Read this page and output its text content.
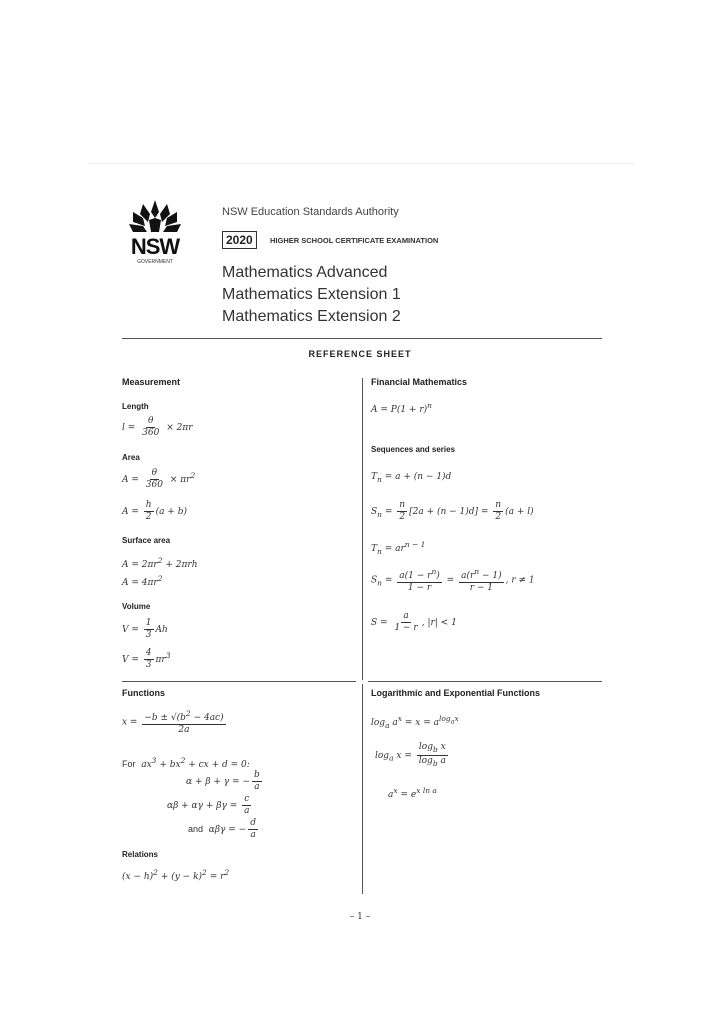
NSW
GOVERNMENT
NSW Education Standards Authority
2020	HIGHER SCHOOL CERTIFICATE EXAMINATION
Mathematics Advanced
Mathematics Extension 1
Mathematics Extension 2
REFERENCE SHEET
Measurement
Length
$l = \frac{\theta}{360} \times 2\pi r$
Area
$A = \frac{\theta}{360} \times \pi r^2$
$A = \frac{h}{2} (a + b)$
Surface area
$A = 2\pi r^2 + 2\pi rh$
$A = 4\pi r^2$
Volume
$V = \frac{1}{3}$ Ah
$V = \frac{4}{3} \pi r^3$
Financial Mathematics
$A = P(1 + r)^n$
Sequences and series
$T_n = a + (n - 1)d$
$S_n = \frac{n}{2} [2a + (n - 1)d] = \frac{n}{2} (a + l)$
$T_n = ar^{n - 1}$
$S_n = \frac{a(1 - r^n)}{1 - r} = \frac{a(r^n - 1)}{r - 1}$ , r ≠ 1
$S = \frac{a}{1 - r}$ , |r| < 1
Functions
$x = \frac{-b \pm √(b^2 - 4ac)}{2a}$
For  $ax^3 + bx^2$ + cx + d = 0:
α + β + γ = − $\frac{b}{a}$
$\alpha\beta + \alpha\gamma + \beta\gamma = \frac{c}{a}$
and  αβγ = − $\frac{d}{a}$
Relations
$(x - h)^2 + (y - k)^2 = r^2$
Logarithmic and Exponential Functions
$\log_a a^x = x = a^{log_ax}$
$\log_a x = \frac{\log_b x}{\log_b a}$
$a^x = e^{x ln a}$
– 1 –
